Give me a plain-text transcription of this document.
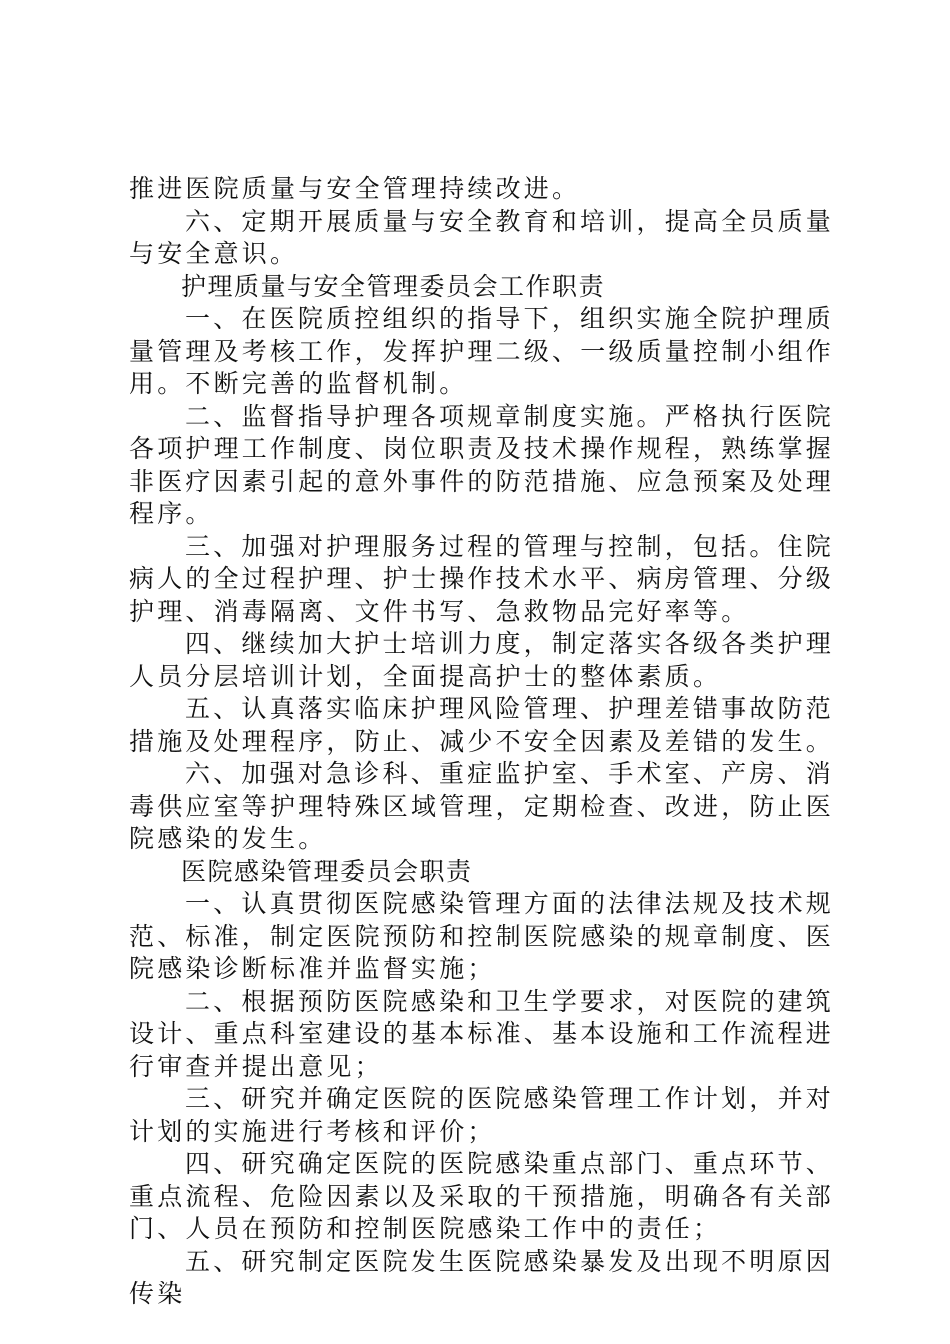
推进医院质量与安全管理持续改进。

六、定期开展质量与安全教育和培训，提高全员质量与安全意识。

护理质量与安全管理委员会工作职责

一、在医院质控组织的指导下，组织实施全院护理质量管理及考核工作，发挥护理二级、一级质量控制小组作用。不断完善的监督机制。

二、监督指导护理各项规章制度实施。严格执行医院各项护理工作制度、岗位职责及技术操作规程，熟练掌握非医疗因素引起的意外事件的防范措施、应急预案及处理程序。

三、加强对护理服务过程的管理与控制，包括。住院病人的全过程护理、护士操作技术水平、病房管理、分级护理、消毒隔离、文件书写、急救物品完好率等。

四、继续加大护士培训力度，制定落实各级各类护理人员分层培训计划，全面提高护士的整体素质。

五、认真落实临床护理风险管理、护理差错事故防范措施及处理程序，防止、减少不安全因素及差错的发生。

六、加强对急诊科、重症监护室、手术室、产房、消毒供应室等护理特殊区域管理，定期检查、改进，防止医院感染的发生。

医院感染管理委员会职责

一、认真贯彻医院感染管理方面的法律法规及技术规范、标准，制定医院预防和控制医院感染的规章制度、医院感染诊断标准并监督实施；

二、根据预防医院感染和卫生学要求，对医院的建筑设计、重点科室建设的基本标准、基本设施和工作流程进行审查并提出意见；

三、研究并确定医院的医院感染管理工作计划，并对计划的实施进行考核和评价；

四、研究确定医院的医院感染重点部门、重点环节、重点流程、危险因素以及采取的干预措施，明确各有关部门、人员在预防和控制医院感染工作中的责任；

五、研究制定医院发生医院感染暴发及出现不明原因传染
